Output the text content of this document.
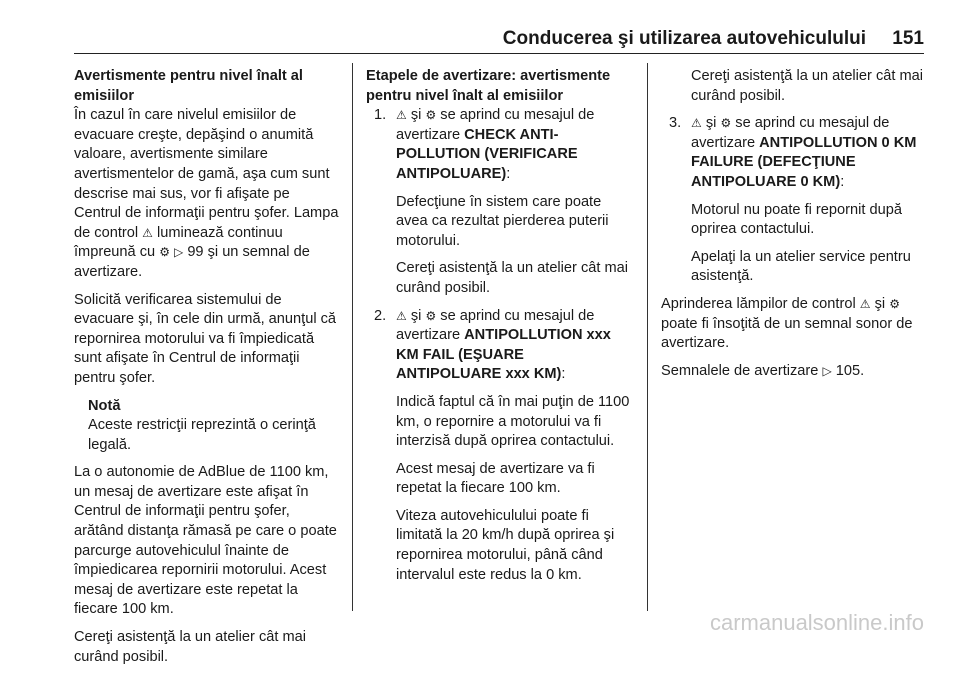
Conducerea şi utilizarea autovehiculului 151
Avertismente pentru nivel înalt al emisiilor

În cazul în care nivelul emisiilor de evacuare creşte, depăşind o anumită valoare, avertismente similare avertismentelor de gamă, aşa cum sunt descrise mai sus, vor fi afişate pe Centrul de informaţii pentru şofer. Lampa de control ⚠ luminează continuu împreună cu ⚙ ▷ 99 şi un semnal de avertizare.

Solicită verificarea sistemului de evacuare şi, în cele din urmă, anunţul că repornirea motorului va fi împiedicată sunt afişate în Centrul de informaţii pentru şofer.

Notă
Aceste restricţii reprezintă o cerinţă legală.

La o autonomie de AdBlue de 1100 km, un mesaj de avertizare este afişat în Centrul de informaţii pentru şofer, arătând distanţa rămasă pe care o poate parcurge autovehiculul înainte de împiedicarea repornirii motorului. Acest mesaj de avertizare este repetat la fiecare 100 km.

Cereţi asistenţă la un atelier cât mai curând posibil.

Etapele de avertizare: avertismente pentru nivel înalt al emisiilor
1. ⚠ şi ⚙ se aprind cu mesajul de avertizare CHECK ANTI-POLLUTION (VERIFICARE ANTIPOLUARE):

Defecţiune în sistem care poate avea ca rezultat pierderea puterii motorului.

Cereţi asistenţă la un atelier cât mai curând posibil.

2. ⚠ şi ⚙ se aprind cu mesajul de avertizare ANTIPOLLUTION xxx KM FAIL (EŞUARE ANTIPOLUARE xxx KM):

Indică faptul că în mai puţin de 1100 km, o repornire a motorului va fi interzisă după oprirea contactului.

Acest mesaj de avertizare va fi repetat la fiecare 100 km.

Viteza autovehiculului poate fi limitată la 20 km/h după oprirea şi repornirea motorului, până când intervalul este redus la 0 km.

Cereţi asistenţă la un atelier cât mai curând posibil.

3. ⚠ şi ⚙ se aprind cu mesajul de avertizare ANTIPOLLUTION 0 KM FAILURE (DEFECŢIUNE ANTIPOLUARE 0 KM):

Motorul nu poate fi repornit după oprirea contactului.

Apelaţi la un atelier service pentru asistenţă.

Aprinderea lămpilor de control ⚠ şi ⚙ poate fi însoţită de un semnal sonor de avertizare.

Semnalele de avertizare ▷ 105.

carmanualsonline.info
